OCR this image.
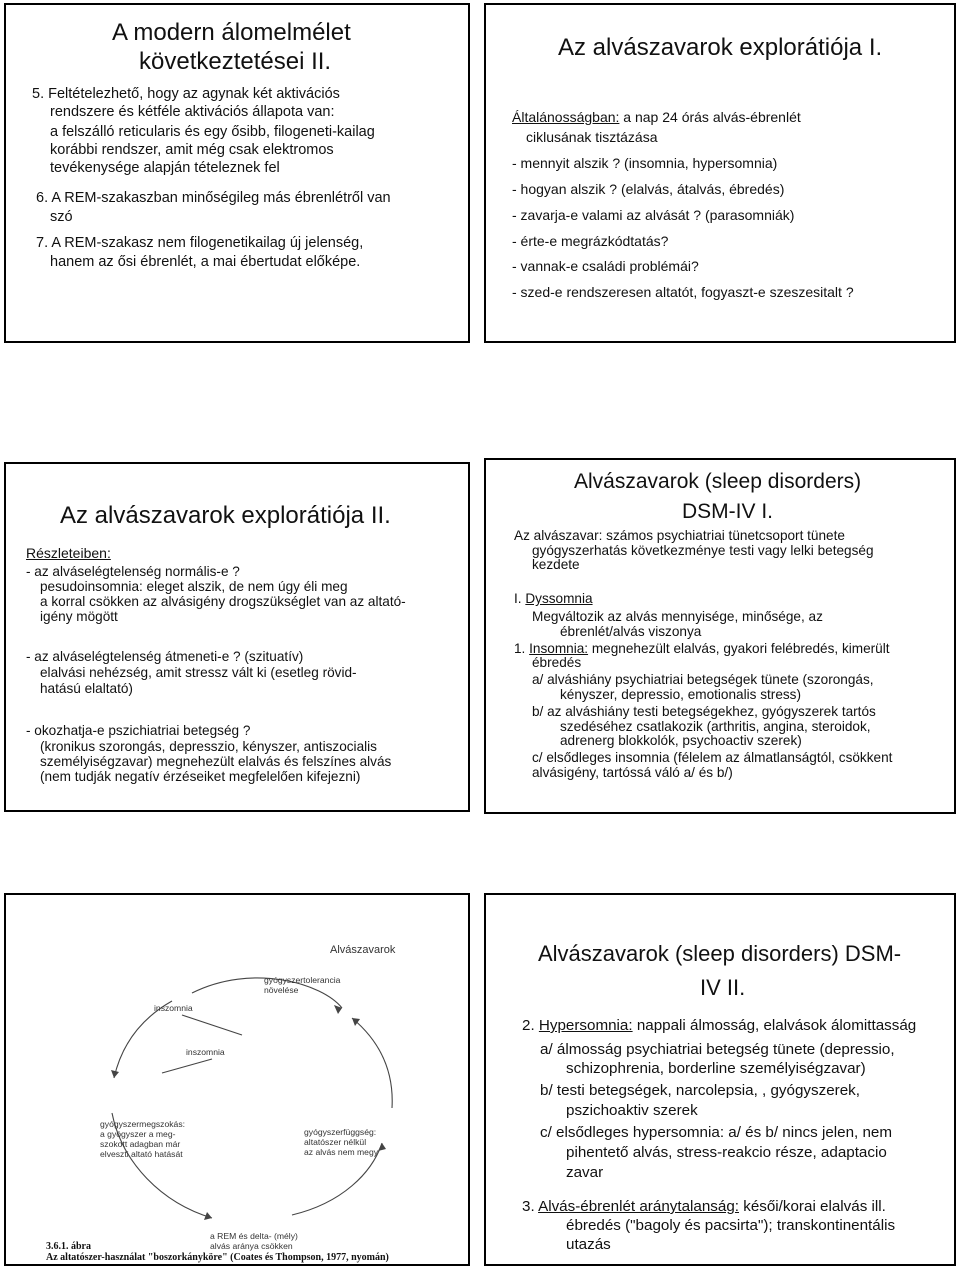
A modern álomelmélet
következtetései II.
5. Feltételezhető, hogy az agynak két aktivációs
rendszere és kétféle aktivációs állapota van:
a felszálló reticularis és egy ősibb, filogeneti-kailag
korábbi rendszer, amit még csak elektromos
tevékenysége alapján tételeznek fel
6. A REM-szakaszban minőségileg más ébrenlétről van
szó
7. A REM-szakasz nem filogenetikailag új jelenség,
hanem az ősi ébrenlét, a mai ébertudat előképe.
Az alvászavarok explorátiója I.
Általánosságban: a nap 24 órás alvás-ébrenlét
ciklusának tisztázása
- mennyit alszik ? (insomnia, hypersomnia)
- hogyan alszik ? (elalvás, átalvás, ébredés)
- zavarja-e valami az alvását ? (parasomniák)
- érte-e megrázkódtatás?
- vannak-e családi problémái?
- szed-e rendszeresen altatót, fogyaszt-e szeszesitalt ?
Az alvászavarok explorátiója II.
Részleteiben:
- az alváselégtelenség normális-e ?
pesudoinsomnia: eleget alszik, de nem úgy éli meg
a korral csökken az alvásigény drogszükséglet van az altató-
igény mögött
- az alváselégtelenség átmeneti-e ? (szituatív)
elalvási nehézség, amit stressz vált ki (esetleg rövid-
hatású elaltató)
- okozhatja-e pszichiatriai betegség ?
(kronikus szorongás, depresszio, kényszer, antiszocialis
személyiségzavar) megnehezült elalvás és felszínes alvás
(nem tudják negatív érzéseiket megfelelően kifejezni)
Alvászavarok (sleep disorders)
DSM-IV I.
Az alvászavar: számos psychiatriai tünetcsoport tünete
gyógyszerhatás következménye testi vagy lelki betegség
kezdete
I. Dyssomnia
Megváltozik az alvás mennyisége, minősége, az
ébrenlét/alvás viszonya
1. Insomnia: megnehezült elalvás, gyakori felébredés, kimerült
ébredés
a/ alváshiány psychiatriai betegségek tünete (szorongás,
kényszer, depressio, emotionalis stress)
b/ az alváshiány testi betegségekhez, gyógyszerek tartós
szedéséhez csatlakozik (arthritis, angina, steroidok,
adrenerg blokkolók, psychoactiv szerek)
c/ elsődleges insomnia (félelem az álmatlanságtól, csökkent
alvásigény, tartóssá váló a/ és b/)
Alvászavarok
gyógyszertolerancia
növelése
inszomnia
inszomnia
gyógyszermegszokás:
a gyógyszer a meg-
szokott adagban már
elveszti altató hatását
gyógyszerfüggség:
altatószer nélkül
az alvás nem megy
a REM és delta- (mély)
alvás aránya csökken
3.6.1. ábra
Az altatószer-használat "boszorkányköre" (Coates és Thompson, 1977, nyomán)
Alvászavarok (sleep disorders) DSM-
IV II.
2. Hypersomnia: nappali álmosság, elalvások álomittasság
a/ álmosság psychiatriai betegség tünete (depressio,
schizophrenia, borderline személyiségzavar)
b/ testi betegségek, narcolepsia, , gyógyszerek,
pszichoaktiv szerek
c/ elsődleges hypersomnia: a/ és b/ nincs jelen, nem
pihentető alvás, stress-reakcio része, adaptacio
zavar
3. Alvás-ébrenlét aránytalanság: késői/korai elalvás ill.
ébredés ("bagoly és pacsirta"); transkontinentális
utazás
